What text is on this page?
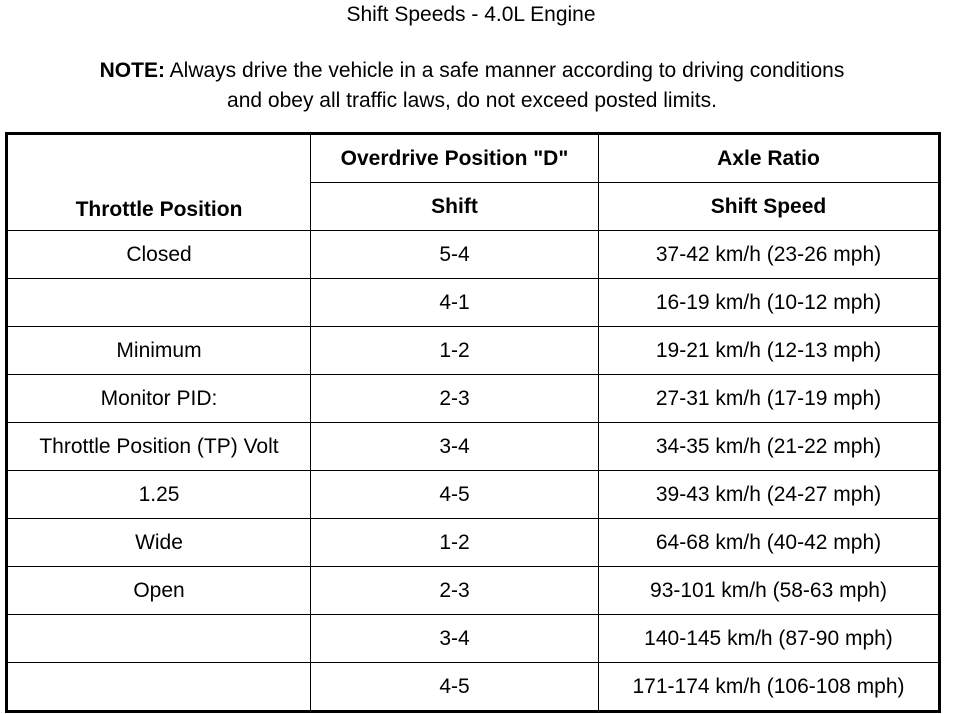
Shift Speeds - 4.0L Engine
NOTE: Always drive the vehicle in a safe manner according to driving conditions
and obey all traffic laws, do not exceed posted limits.
Throttle Position	Overdrive Position "D"	Axle Ratio
	Shift	Shift Speed
Closed	5-4	37-42 km/h (23-26 mph)
	4-1	16-19 km/h (10-12 mph)
Minimum	1-2	19-21 km/h (12-13 mph)
Monitor PID:	2-3	27-31 km/h (17-19 mph)
Throttle Position (TP) Volt	3-4	34-35 km/h (21-22 mph)
1.25	4-5	39-43 km/h (24-27 mph)
Wide	1-2	64-68 km/h (40-42 mph)
Open	2-3	93-101 km/h (58-63 mph)
	3-4	140-145 km/h (87-90 mph)
	4-5	171-174 km/h (106-108 mph)
